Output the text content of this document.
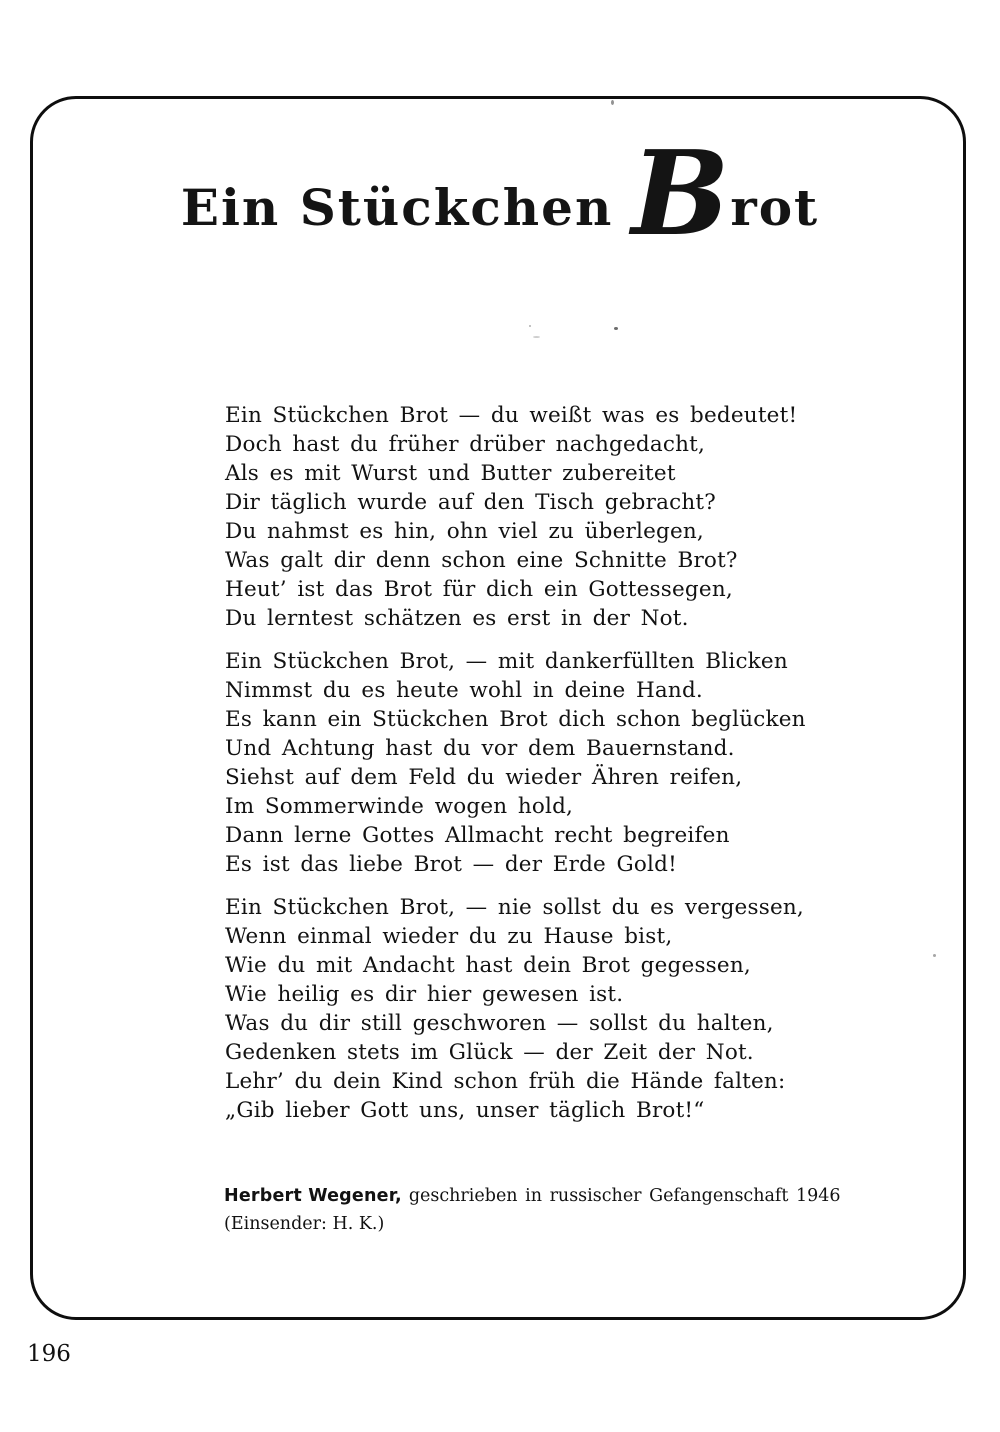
Ein Stückchen B rot
Ein Stückchen Brot — du weißt was es bedeutet!
Doch hast du früher drüber nachgedacht,
Als es mit Wurst und Butter zubereitet
Dir täglich wurde auf den Tisch gebracht?
Du nahmst es hin, ohn viel zu überlegen,
Was galt dir denn schon eine Schnitte Brot?
Heut’ ist das Brot für dich ein Gottessegen,
Du lerntest schätzen es erst in der Not.
Ein Stückchen Brot, — mit dankerfüllten Blicken
Nimmst du es heute wohl in deine Hand.
Es kann ein Stückchen Brot dich schon beglücken
Und Achtung hast du vor dem Bauernstand.
Siehst auf dem Feld du wieder Ähren reifen,
Im Sommerwinde wogen hold,
Dann lerne Gottes Allmacht recht begreifen
Es ist das liebe Brot — der Erde Gold!
Ein Stückchen Brot, — nie sollst du es vergessen,
Wenn einmal wieder du zu Hause bist,
Wie du mit Andacht hast dein Brot gegessen,
Wie heilig es dir hier gewesen ist.
Was du dir still geschworen — sollst du halten,
Gedenken stets im Glück — der Zeit der Not.
Lehr’ du dein Kind schon früh die Hände falten:
„Gib lieber Gott uns, unser täglich Brot!“
Herbert Wegener, geschrieben in russischer Gefangenschaft 1946
(Einsender: H. K.)
196
